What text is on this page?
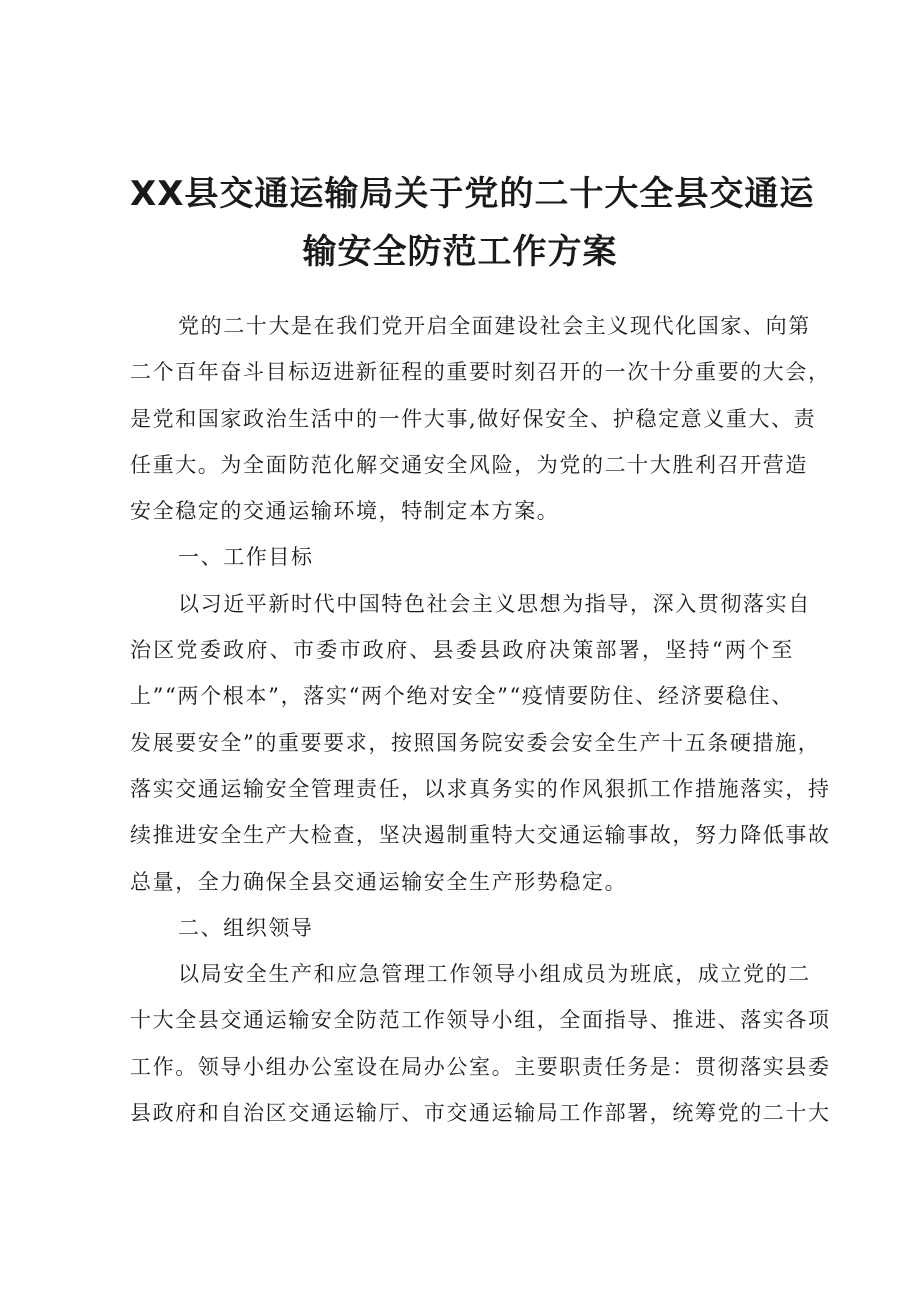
XX县交通运输局关于党的二十大全县交通运
输安全防范工作方案
党的二十大是在我们党开启全面建设社会主义现代化国家、向第
二个百年奋斗目标迈进新征程的重要时刻召开的一次十分重要的大会，
是党和国家政治生活中的一件大事,做好保安全、护稳定意义重大、责
任重大。为全面防范化解交通安全风险，为党的二十大胜利召开营造
安全稳定的交通运输环境，特制定本方案。
一、工作目标
以习近平新时代中国特色社会主义思想为指导，深入贯彻落实自
治区党委政府、市委市政府、县委县政府决策部署，坚持“两个至
上”“两个根本”，落实“两个绝对安全”“疫情要防住、经济要稳住、
发展要安全”的重要要求，按照国务院安委会安全生产十五条硬措施，
落实交通运输安全管理责任，以求真务实的作风狠抓工作措施落实，持
续推进安全生产大检查，坚决遏制重特大交通运输事故，努力降低事故
总量，全力确保全县交通运输安全生产形势稳定。
二、组织领导
以局安全生产和应急管理工作领导小组成员为班底，成立党的二
十大全县交通运输安全防范工作领导小组，全面指导、推进、落实各项
工作。领导小组办公室设在局办公室。主要职责任务是：贯彻落实县委
县政府和自治区交通运输厅、市交通运输局工作部署，统筹党的二十大
